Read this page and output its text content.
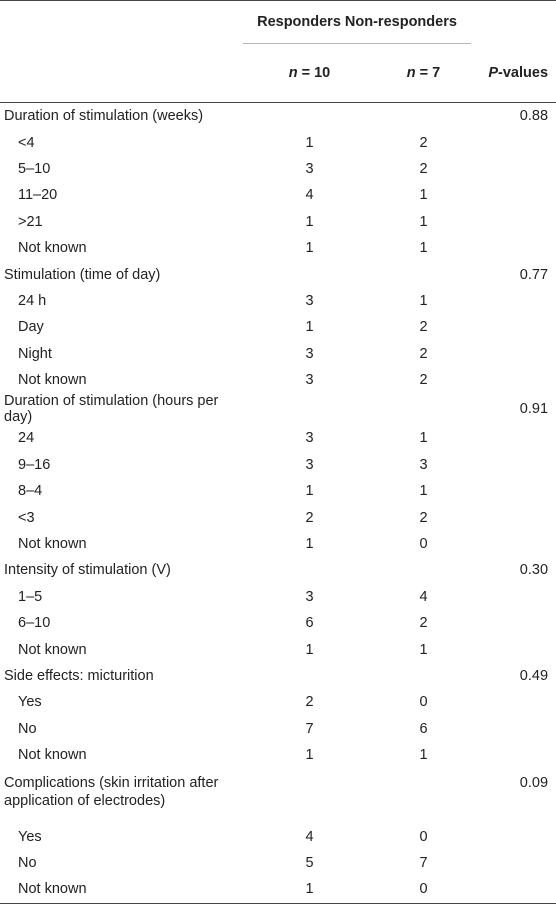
	Responders Non-responders		
	n = 10	n = 7	P-values
Duration of stimulation (weeks)			0.88
<4	1	2	
5–10	3	2	
11–20	4	1	
>21	1	1	
Not known	1	1	
Stimulation (time of day)			0.77
24 h	3	1	
Day	1	2	
Night	3	2	
Not known	3	2	
Duration of stimulation (hours per day)			0.91
24	3	1	
9–16	3	3	
8–4	1	1	
<3	2	2	
Not known	1	0	
Intensity of stimulation (V)			0.30
1–5	3	4	
6–10	6	2	
Not known	1	1	
Side effects: micturition			0.49
Yes	2	0	
No	7	6	
Not known	1	1	
Complications (skin irritation after application of electrodes)			0.09
Yes	4	0	
No	5	7	
Not known	1	0	
